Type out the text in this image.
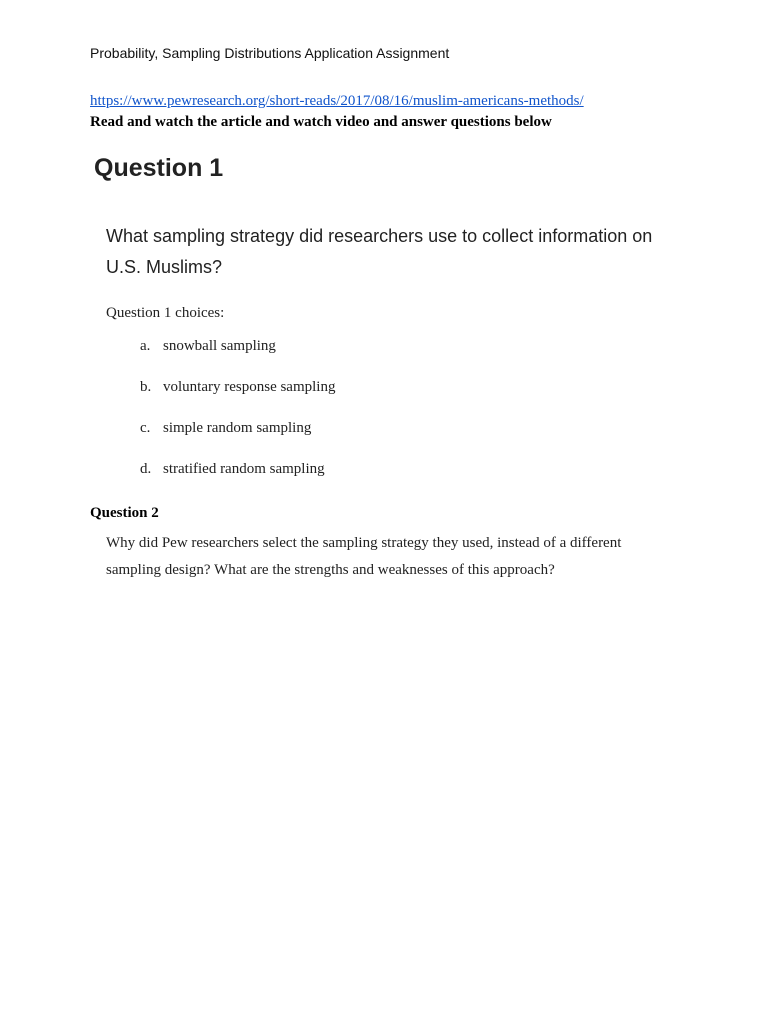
Probability, Sampling Distributions Application Assignment
https://www.pewresearch.org/short-reads/2017/08/16/muslim-americans-methods/
Read and watch the article and watch video and answer questions below
Question 1
What sampling strategy did researchers use to collect information on U.S. Muslims?
Question 1 choices:
a. snowball sampling
b. voluntary response sampling
c. simple random sampling
d. stratified random sampling
Question 2
Why did Pew researchers select the sampling strategy they used, instead of a different sampling design? What are the strengths and weaknesses of this approach?
